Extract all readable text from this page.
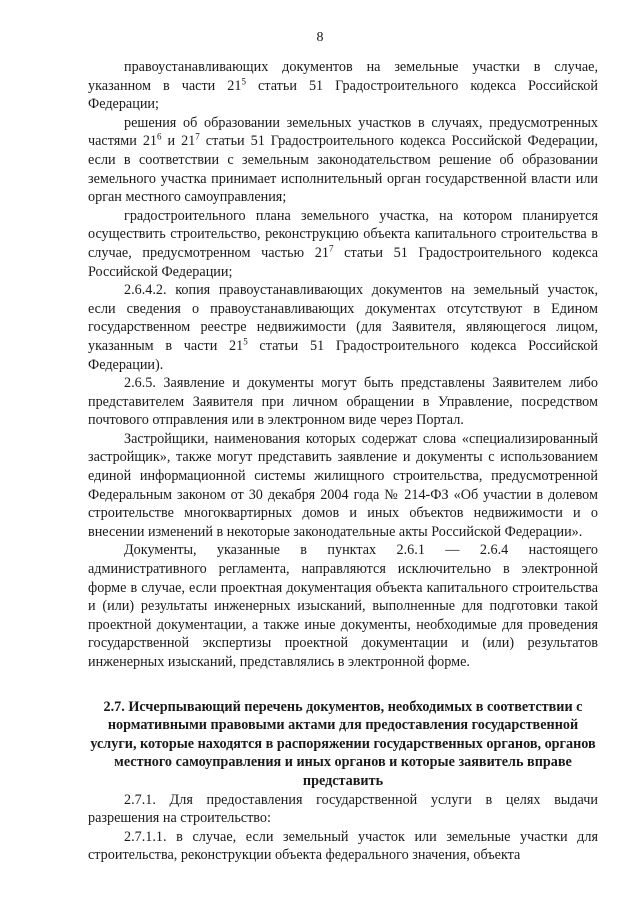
8

правоустанавливающих документов на земельные участки в случае, указанном в части $21^5$ статьи 51 Градостроительного кодекса Российской Федерации;

решения об образовании земельных участков в случаях, предусмотренных частями $21^6$ и $21^7$ статьи 51 Градостроительного кодекса Российской Федерации, если в соответствии с земельным законодательством решение об образовании земельного участка принимает исполнительный орган государственной власти или орган местного самоуправления;

градостроительного плана земельного участка, на котором планируется осуществить строительство, реконструкцию объекта капитального строительства в случае, предусмотренном частью $21^7$ статьи 51 Градостроительного кодекса Российской Федерации;

2.6.4.2. копия правоустанавливающих документов на земельный участок, если сведения о правоустанавливающих документах отсутствуют в Едином государственном реестре недвижимости (для Заявителя, являющегося лицом, указанным в части $21^5$ статьи 51 Градостроительного кодекса Российской Федерации).

2.6.5. Заявление и документы могут быть представлены Заявителем либо представителем Заявителя при личном обращении в Управление, посредством почтового отправления или в электронном виде через Портал.

Застройщики, наименования которых содержат слова «специализированный застройщик», также могут представить заявление и документы с использованием единой информационной системы жилищного строительства, предусмотренной Федеральным законом от 30 декабря 2004 года № 214-ФЗ «Об участии в долевом строительстве многоквартирных домов и иных объектов недвижимости и о внесении изменений в некоторые законодательные акты Российской Федерации».

Документы, указанные в пунктах 2.6.1 — 2.6.4 настоящего административного регламента, направляются исключительно в электронной форме в случае, если проектная документация объекта капитального строительства и (или) результаты инженерных изысканий, выполненные для подготовки такой проектной документации, а также иные документы, необходимые для проведения государственной экспертизы проектной документации и (или) результатов инженерных изысканий, представлялись в электронной форме.

2.7. Исчерпывающий перечень документов, необходимых в соответствии с нормативными правовыми актами для предоставления государственной услуги, которые находятся в распоряжении государственных органов, органов местного самоуправления и иных органов и которые заявитель вправе представить

2.7.1. Для предоставления государственной услуги в целях выдачи разрешения на строительство:

2.7.1.1. в случае, если земельный участок или земельные участки для строительства, реконструкции объекта федерального значения, объекта
